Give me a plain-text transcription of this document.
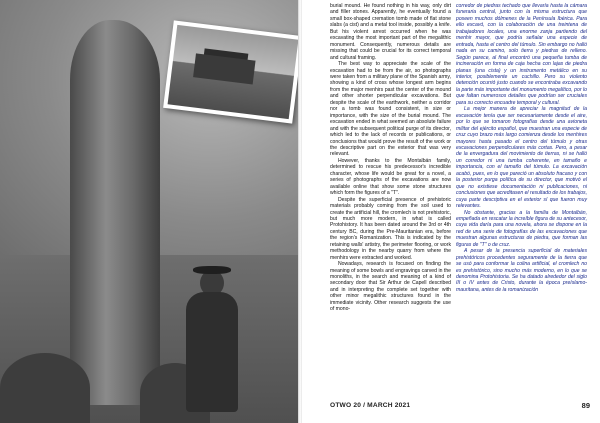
burial mound. He found nothing in his way, only dirt and filler stones. Apparently, he eventually found a small box-shaped cremation tomb made of flat stone slabs (a cist) and a metal tool inside, possibly a knife. But his violent arrest occurred when he was excavating the most important part of the megalithic monument. Consequently, numerous details are missing that could be crucial for its correct temporal and cultural framing.

The best way to appreciate the scale of the excavation had to be from the air, so photographs were taken from a military plane of the Spanish army, showing a kind of cross whose longest arm begins from the major menhirs past the center of the mound and other shorter perpendicular excavations. But despite the scale of the earthwork, neither a corridor nor a tomb was found consistent, in size or importance, with the size of the burial mound. The excavation ended in what seemed an absolute failure and with the subsequent political purge of its director, which led to the lack of records or publications, or conclusions that would prove the result of the work or the descriptive part on the exterior that was very relevant.

However, thanks to the Montalbán family, determined to rescue his predecessor's incredible character, whose life would be great for a novel, a series of photographs of the excavations are now available online that show some stone structures which form the figures of a "T".

Despite the superficial presence of prehistoric materials probably coming from the soil used to create the artificial hill, the cromlech is not prehistoric, but much more modern, in what is called Protohistory. It has been dated around the 3rd or 4th century BC, during the Pre-Mauritanian era, before the region's Romanization. This is indicated by the retaining walls' artistry, the perimeter flooring, or work methodology in the nearby quarry from where the menhirs were extracted and worked.

Nowadays, research is focused on finding the meaning of some bowls and engravings carved in the monoliths, in the search and meaning of a kind of secondary door that Sir Arthur de Capell described and in interpreting the complete set together with other minor megalithic structures found in the immediate vicinity. Other research suggests the use of mono-

corredor de piedras techado que llevaría hasta la cámara funeraria central, junto con la misma estructura que poseen muchos dólmenes de la Península Ibérica. Para ello excavó, con la colaboración de una treintena de trabajadores locales, una enorme zanja partiendo del menhir mayor, que podría señalar una especie de entrada, hasta el centro del túmulo. Sin embargo no halló nada en su camino, solo tierra y piedras de relleno. Según parece, al final encontró una pequeña tumba de incineración en forma de caja hecha con lajas de piedra planas (una cista) y un instrumento metálico en su interior, posiblemente un cuchillo. Pero su violento detención ocurrió justo cuando se encontraba excavando la parte más importante del monumento megalítico, por lo que faltan numerosos detalles que podrían ser cruciales para su correcto encuadre temporal y cultural.

La mejor manera de apreciar la magnitud de la excavación tenía que ser necesariamente desde el aire, por lo que se tomaron fotografías desde una avioneta militar del ejército español, que muestran una especie de cruz cuyo brazo más largo comienza desde los menhires mayores hasta pasado el centro del túmulo y otras excavaciones perpendiculares más cortas. Pero, a pesar de la envergadura del movimiento de tierras, ni se halló un corredor ni una tumba coherente, en tamaño e importancia, con el tamaño del túmulo. La excavación acabó, pues, en lo que pareció un absoluto fracaso y con la posterior purga política de su director, que motivó el que no existiese documentación ni publicaciones, ni conclusiones que acreditasen el resultado de los trabajos, cuya parte descriptiva en el exterior sí que fueron muy relevantes.

No obstante, gracias a la familia de Montalbán, empeñada en rescatar la increíble figura de su antecesor, cuya vida daría para una novela, ahora se dispone en la red de una serie de fotografías de las excavaciones que muestran algunas estructuras de piedra, que forman las figuras de "T" o de cruz.

A pesar de la presencia superficial de materiales prehistóricos procedentes seguramente de la tierra que se usó para conformar la colina artificial, el cromlech no es prehistórico, sino mucho más moderno, en lo que se denomina Protohistoria. Se ha datado alrededor del siglo III o IV antes de Cristo, durante la época preíslamo-mauritana, antes de la romanización

OTWO 20 / MARCH 2021	89
